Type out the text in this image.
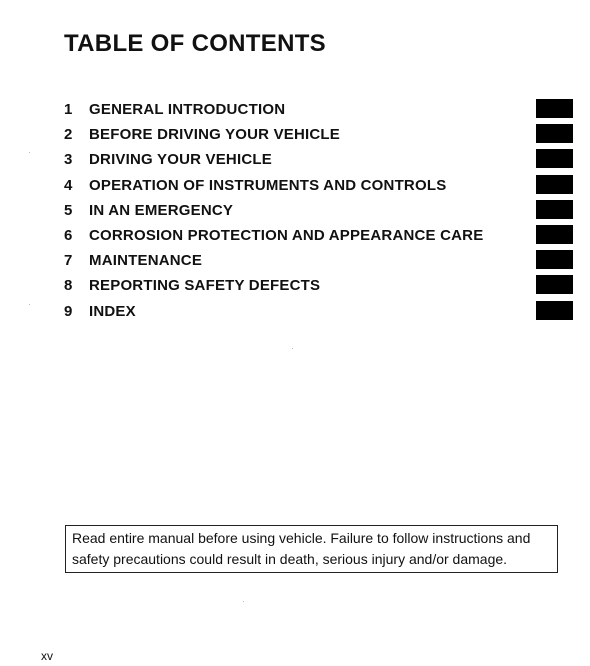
TABLE OF CONTENTS
1	GENERAL INTRODUCTION
2	BEFORE DRIVING YOUR VEHICLE
3	DRIVING YOUR VEHICLE
4	OPERATION OF INSTRUMENTS AND CONTROLS
5	IN AN EMERGENCY
6	CORROSION PROTECTION AND APPEARANCE CARE
7	MAINTENANCE
8	REPORTING SAFETY DEFECTS
9	INDEX
Read entire manual before using vehicle. Failure to follow instructions and safety precautions could result in death, serious injury and/or damage.
xv
